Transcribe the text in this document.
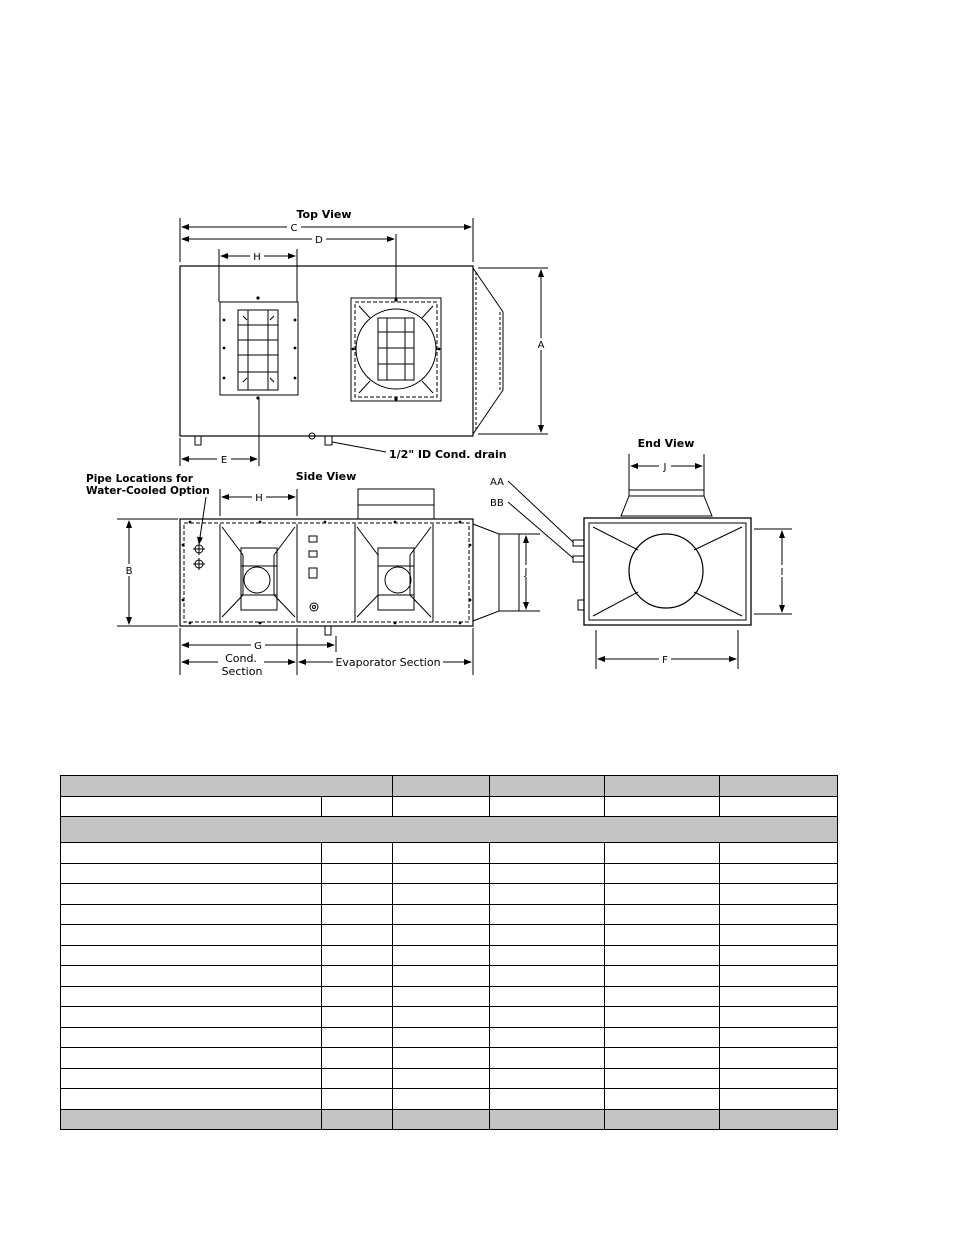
Top View
C
D
H
A
E	1/2" ID Cond. drain
Side View
Pipe Locations for
Water-Cooled Option
H
B	J
G
Cond.
Section
Evaporator Section
End View
J
AA
BB
I
F
